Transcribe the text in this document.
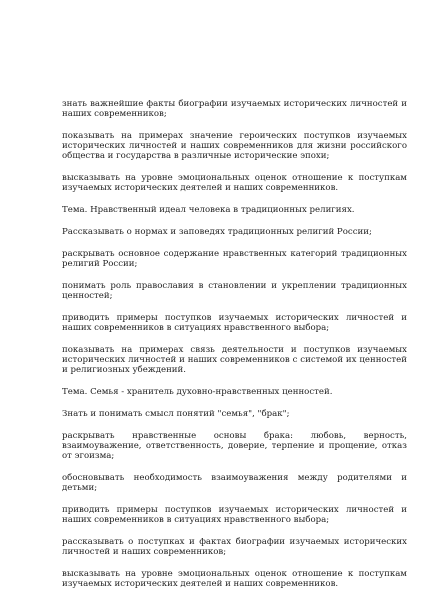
знать важнейшие факты биографии изучаемых исторических личностей и наших современников;

показывать на примерах значение героических поступков изучаемых исторических личностей и наших современников для жизни российского общества и государства в различные исторические эпохи;

высказывать на уровне эмоциональных оценок отношение к поступкам изучаемых исторических деятелей и наших современников.

Тема. Нравственный идеал человека в традиционных религиях.

Рассказывать о нормах и заповедях традиционных религий России;

раскрывать основное содержание нравственных категорий традиционных религий России;

понимать роль православия в становлении и укреплении традиционных ценностей;

приводить примеры поступков изучаемых исторических личностей и наших современников в ситуациях нравственного выбора;

показывать на примерах связь деятельности и поступков изучаемых исторических личностей и наших современников с системой их ценностей и религиозных убеждений.

Тема. Семья - хранитель духовно-нравственных ценностей.

Знать и понимать смысл понятий "семья", "брак";

раскрывать нравственные основы брака: любовь, верность, взаимоуважение, ответственность, доверие, терпение и прощение, отказ от эгоизма;

обосновывать необходимость взаимоуважения между родителями и детьми;

приводить примеры поступков изучаемых исторических личностей и наших современников в ситуациях нравственного выбора;

рассказывать о поступках и фактах биографии изучаемых исторических личностей и наших современников;

высказывать на уровне эмоциональных оценок отношение к поступкам изучаемых исторических деятелей и наших современников.
